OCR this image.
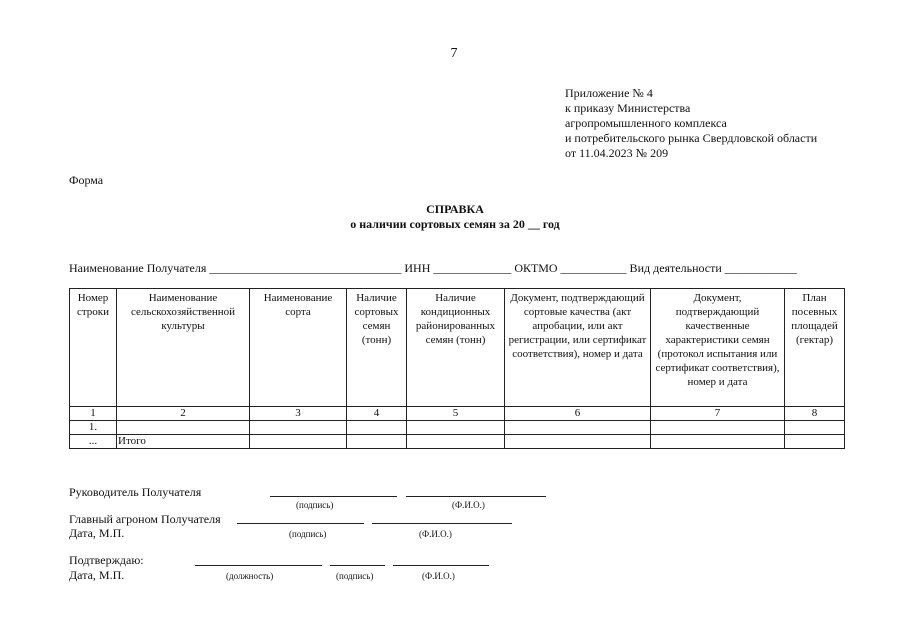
7
Приложение № 4
к приказу Министерства
агропромышленного комплекса
и потребительского рынка Свердловской области
от 11.04.2023 № 209
Форма
СПРАВКА
о наличии сортовых семян за 20 __ год
Наименование Получателя ________________________________ ИНН _____________ ОКТМО ___________ Вид деятельности ____________
Номер строки	Наименование сельскохозяйственной культуры	Наименование сорта	Наличие сортовых семян (тонн)	Наличие кондиционных районированных семян (тонн)	Документ, подтверждающий сортовые качества (акт апробации, или акт регистрации, или сертификат соответствия), номер и дата	Документ, подтверждающий качественные характеристики семян (протокол испытания или сертификат соответствия), номер и дата	План посевных площадей (гектар)
1	2	3	4	5	6	7	8
1.							
...	Итого						
Руководитель Получателя
(подпись)	(Ф.И.О.)
Главный агроном Получателя
Дата, М.П.	(подпись)	(Ф.И.О.)
Подтверждаю:
Дата, М.П.	(должность)	(подпись)	(Ф.И.О.)
